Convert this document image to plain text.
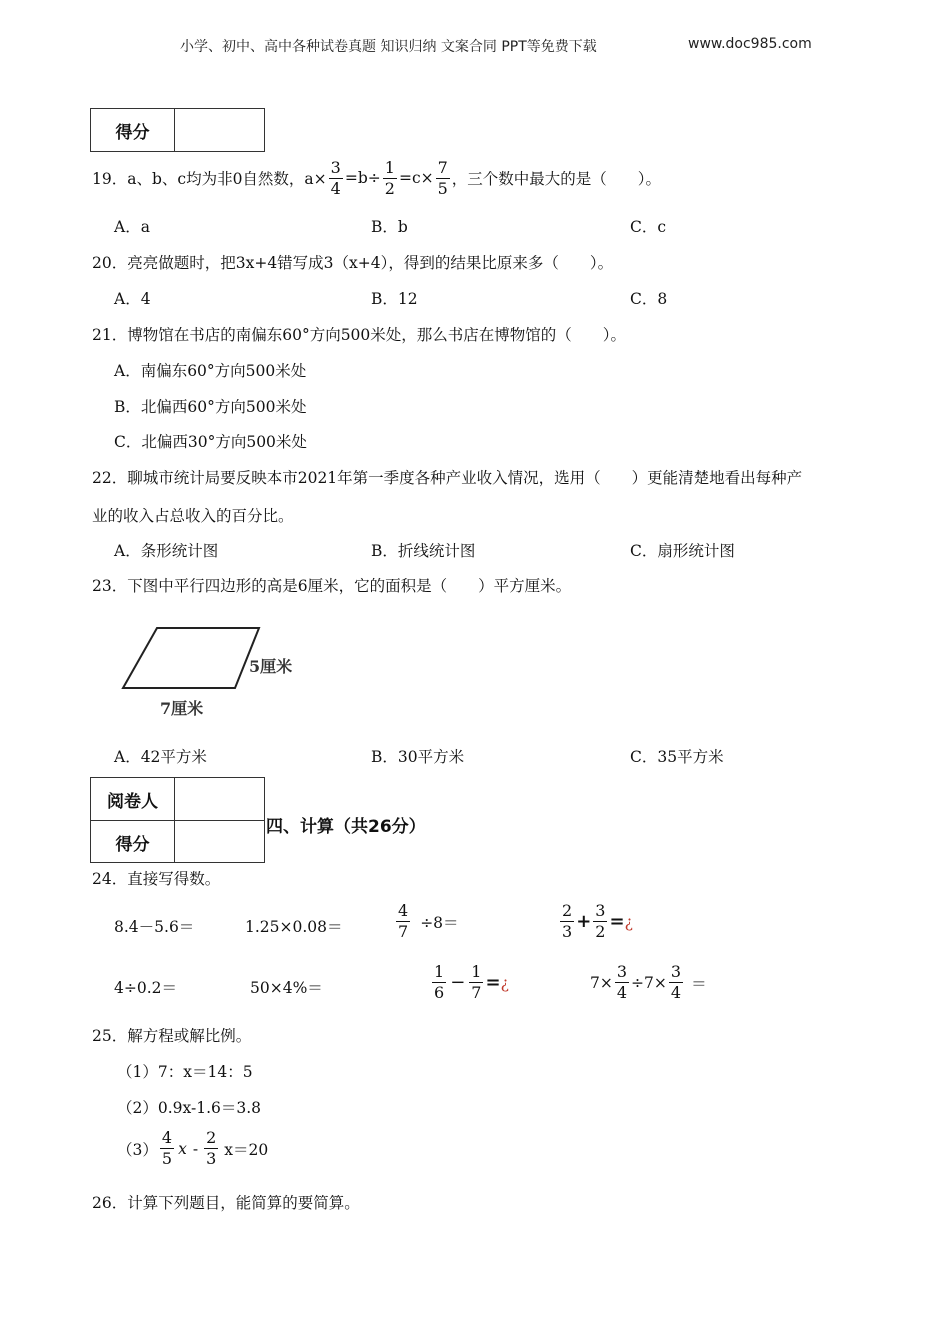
小学、初中、高中各种试卷真题 知识归纳 文案合同 PPT等免费下载	www.doc985.com
得分
19．a、b、c均为非0自然数，$a\times \frac{3}{4} =b\div \frac{1}{2} =c\times \frac{7}{5}$ ，三个数中最大的是（　　）。
A．a	B．b	C．c
20．亮亮做题时，把3x+4错写成3（x+4），得到的结果比原来多（　　）。
A．4	B．12	C．8
21．博物馆在书店的南偏东60°方向500米处，那么书店在博物馆的（　　）。
A．南偏东60°方向500米处
B．北偏西60°方向500米处
C．北偏西30°方向500米处
22．聊城市统计局要反映本市2021年第一季度各种产业收入情况，选用（　　）更能清楚地看出每种产
业的收入占总收入的百分比。
A．条形统计图	B．折线统计图	C．扇形统计图
23．下图中平行四边形的高是6厘米，它的面积是（　　）平方厘米。
5厘米
7厘米
A．42平方米	B．30平方米	C．35平方米
阅卷人
得分
四、计算（共26分）
24．直接写得数。
8.4－5.6＝	1.25×0.08＝	$\frac{4}{7} \div 8=$	$\frac{2}{3} + \frac{3}{2}$ = ¿
4÷0.2＝	50×4%＝	$\frac{1}{6} - \frac{1}{7}$ = ¿	$7\times \frac{3}{4} \div 7\times \frac{3}{4}$ ＝
25．解方程或解比例。
（1）7：x＝14：5
（2）0.9x-1.6＝3.8
$(3) \frac{4}{5}$ $x - \frac{2}{3} x=20$
26．计算下列题目，能简算的要简算。
